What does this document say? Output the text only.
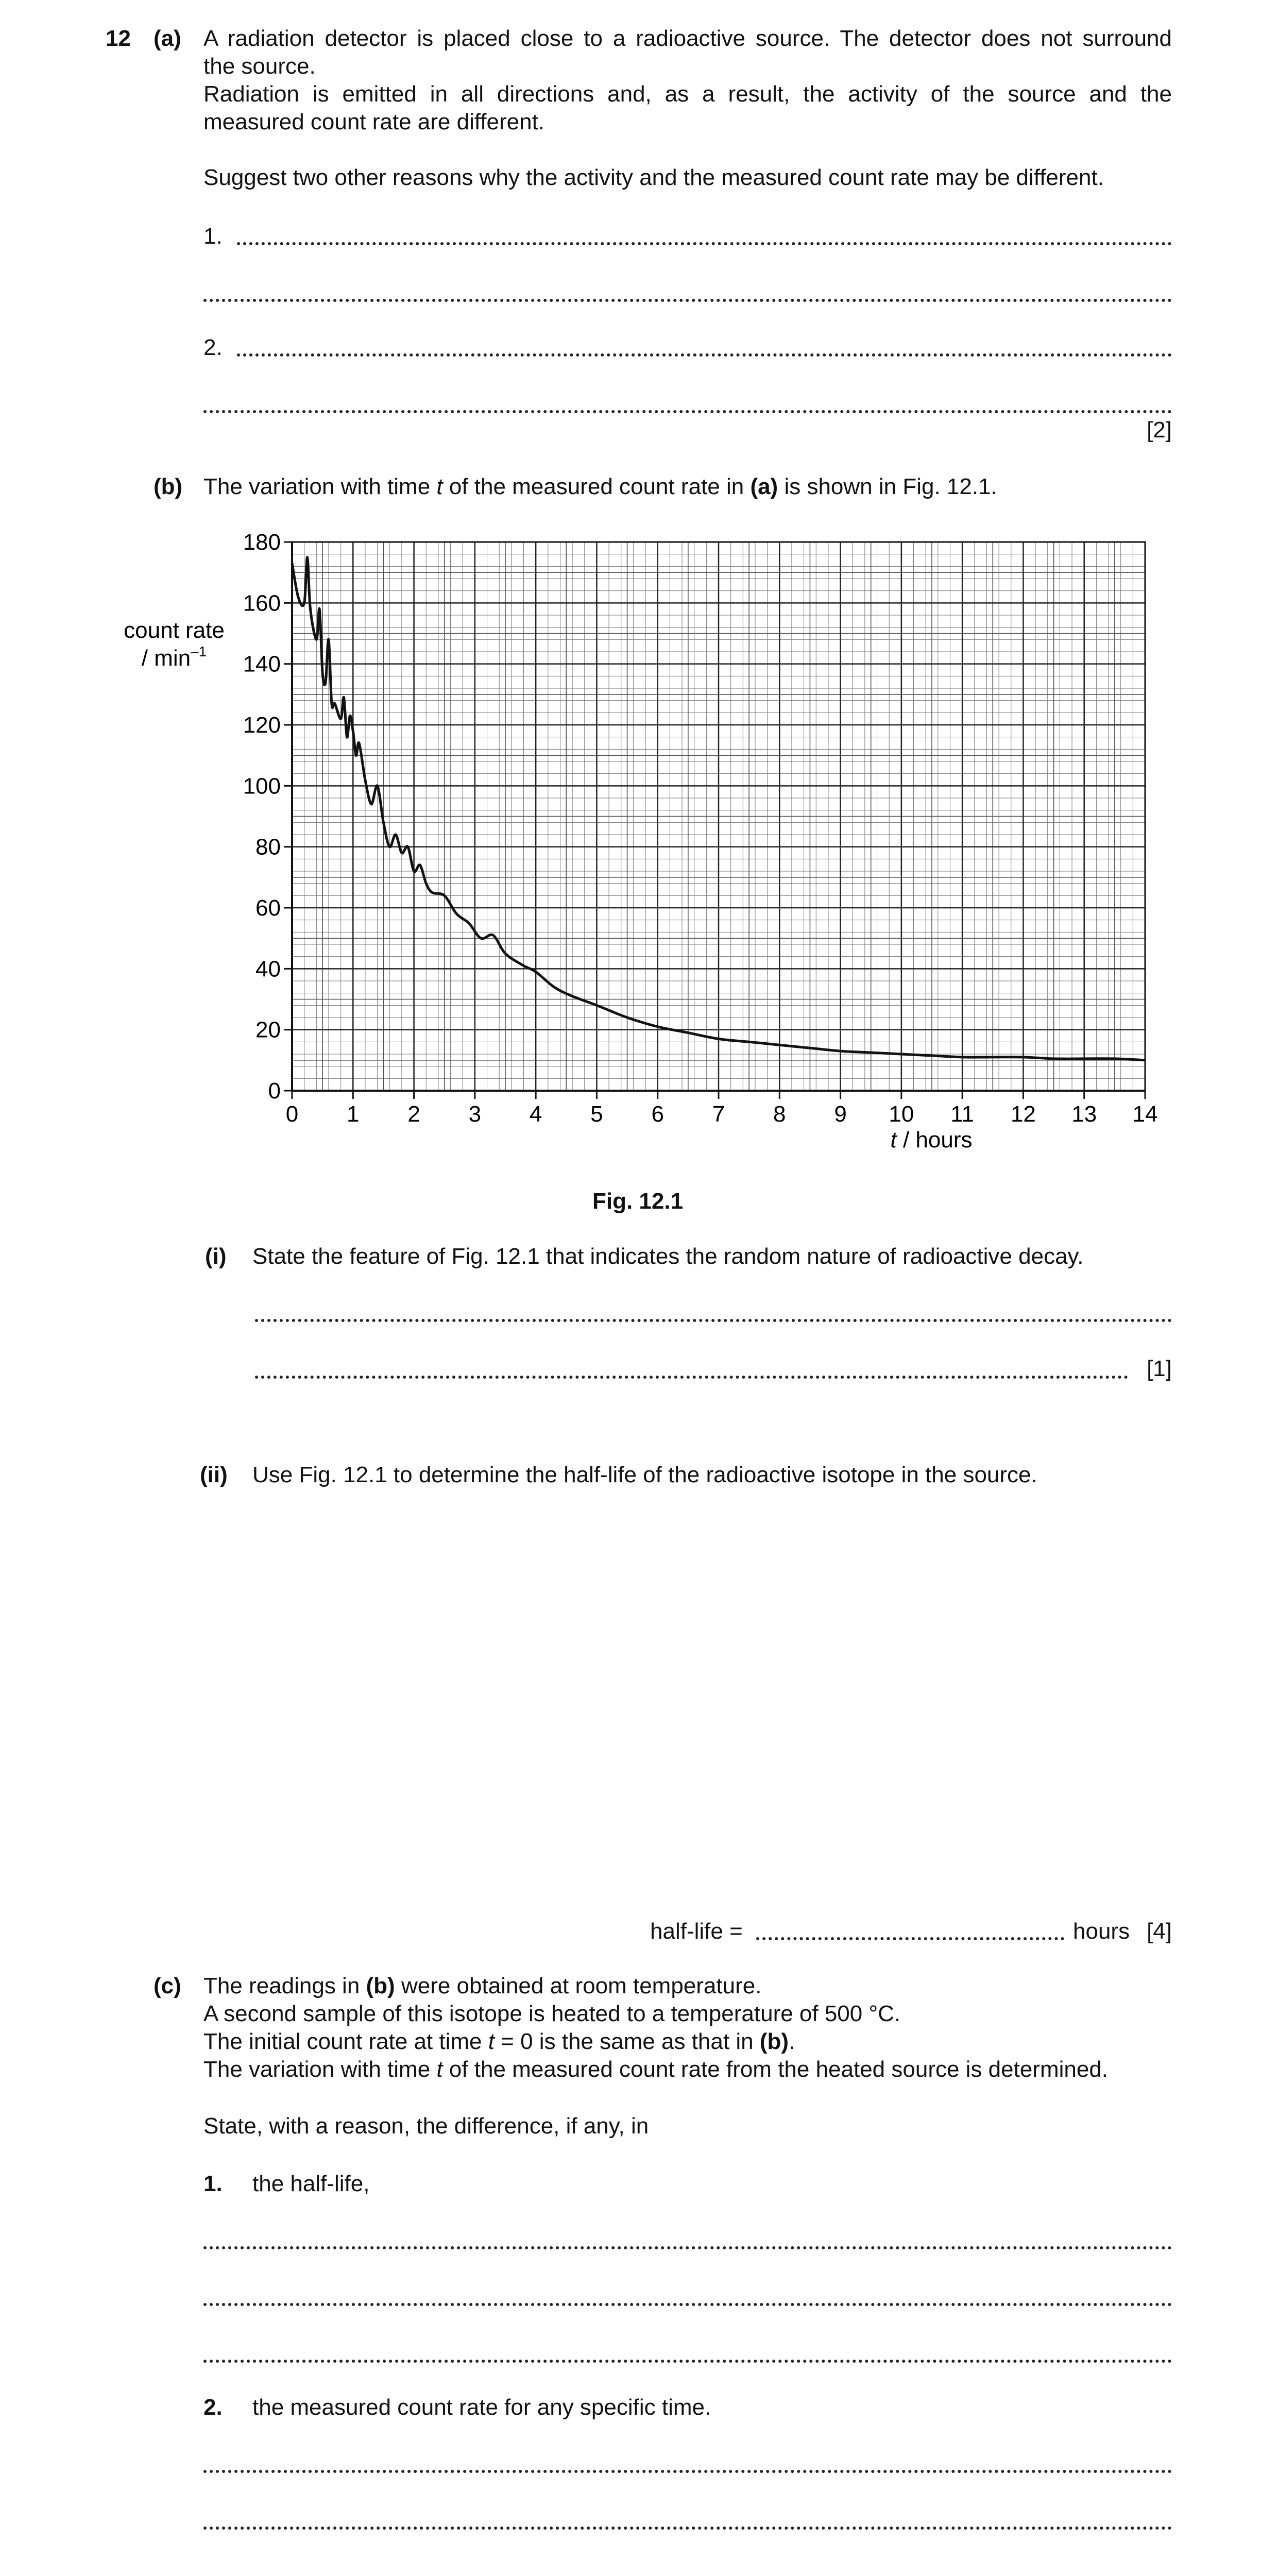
12 (a) A radiation detector is placed close to a radioactive source. The detector does not surround
the source.
Radiation is emitted in all directions and, as a result, the activity of the source and the
measured count rate are different.
Suggest two other reasons why the activity and the measured count rate may be different.
1.
2.
[2]
(b) The variation with time t of the measured count rate in (a) is shown in Fig. 12.1.
0
20
40
60
80
100
120
140
160
180
0 1 2 3 4 5 6 7 8 9 10 11 12 13 14
count rate
/ $\min^{-1}$
t / hours
Fig. 12.1
(i) State the feature of Fig. 12.1 that indicates the random nature of radioactive decay.
[1]
(ii) Use Fig. 12.1 to determine the half-life of the radioactive isotope in the source.
half-life =	hours [4]
(c) The readings in (b) were obtained at room temperature.
A second sample of this isotope is heated to a temperature of 500 °C.
The initial count rate at time t = 0 is the same as that in (b).
The variation with time t of the measured count rate from the heated source is determined.
State, with a reason, the difference, if any, in
1. the half-life,
2. the measured count rate for any specific time.
